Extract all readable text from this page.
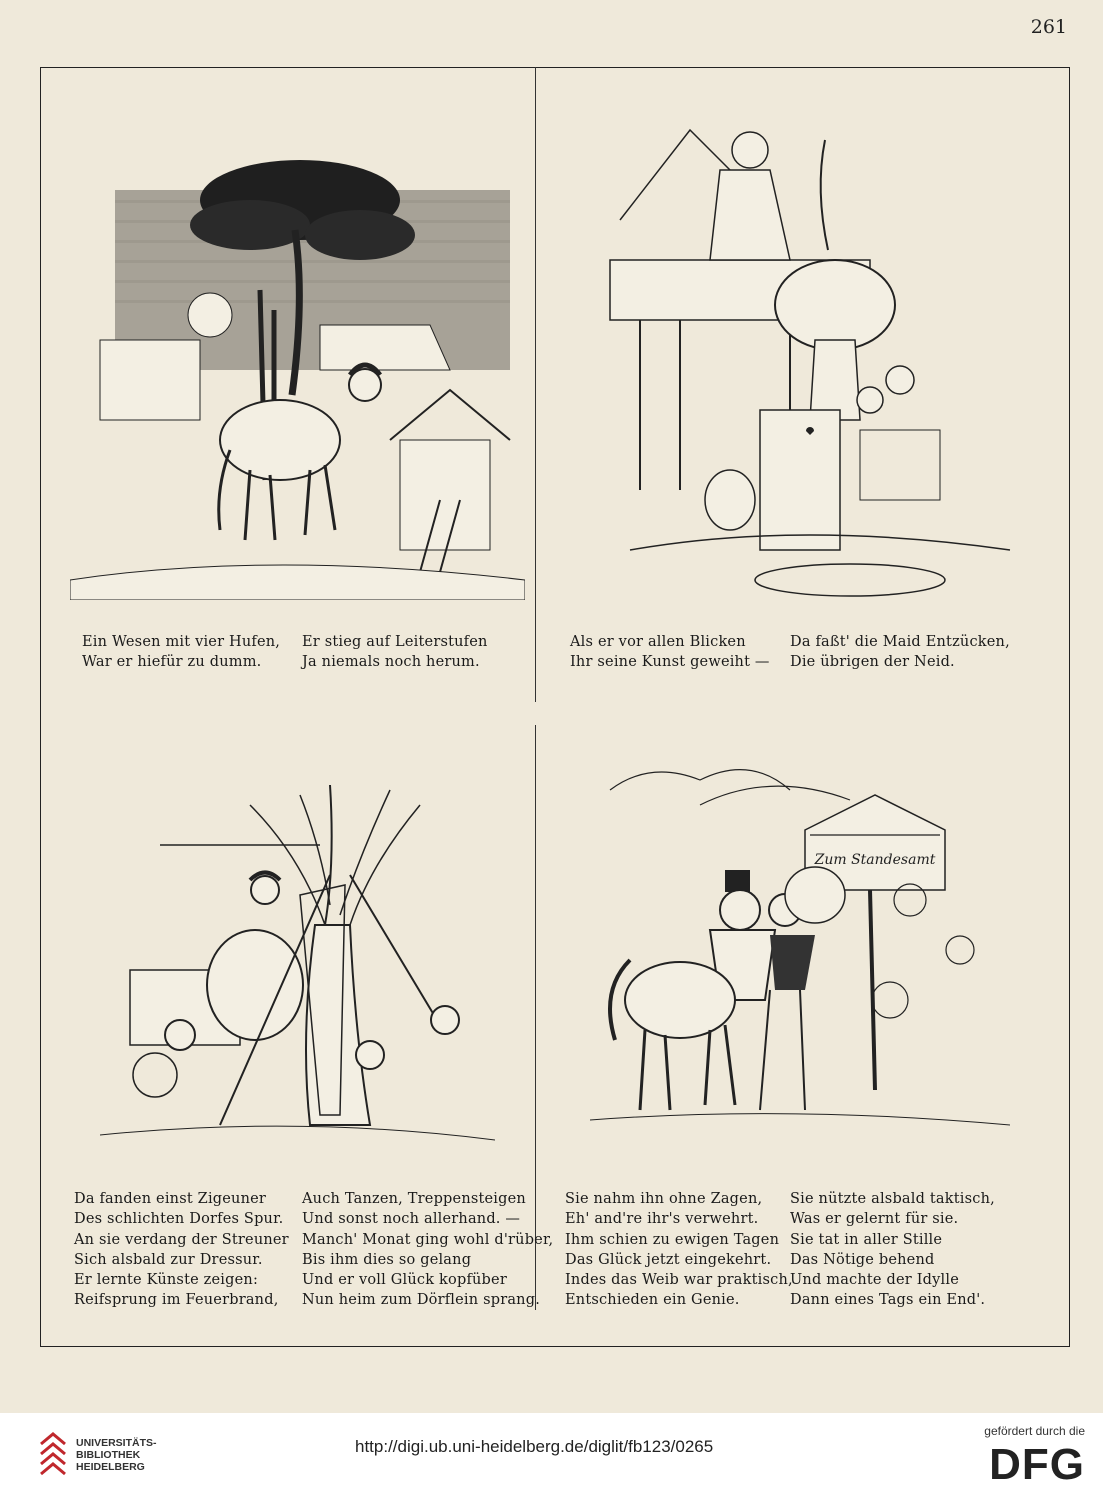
261
Ein Wesen mit vier Hufen,
War er hiefür zu dumm.
Er stieg auf Leiterstufen
Ja niemals noch herum.
Als er vor allen Blicken
Ihr seine Kunst geweiht —
Da faßt' die Maid Entzücken,
Die übrigen der Neid.
Zum Standesamt
Da fanden einst Zigeuner
Des schlichten Dorfes Spur.
An sie verdang der Streuner
Sich alsbald zur Dressur.
Er lernte Künste zeigen:
Reifsprung im Feuerbrand,
Auch Tanzen, Treppensteigen
Und sonst noch allerhand. —
Manch' Monat ging wohl d'rüber,
Bis ihm dies so gelang
Und er voll Glück kopfüber
Nun heim zum Dörflein sprang.
Sie nahm ihn ohne Zagen,
Eh' and're ihr's verwehrt.
Ihm schien zu ewigen Tagen
Das Glück jetzt eingekehrt.
Indes das Weib war praktisch,
Entschieden ein Genie.
Sie nützte alsbald taktisch,
Was er gelernt für sie.
Sie tat in aller Stille
Das Nötige behend
Und machte der Idylle
Dann eines Tags ein End'.
UNIVERSITÄTS-
BIBLIOTHEK
HEIDELBERG
http://digi.ub.uni-heidelberg.de/diglit/fb123/0265
gefördert durch die
DFG
